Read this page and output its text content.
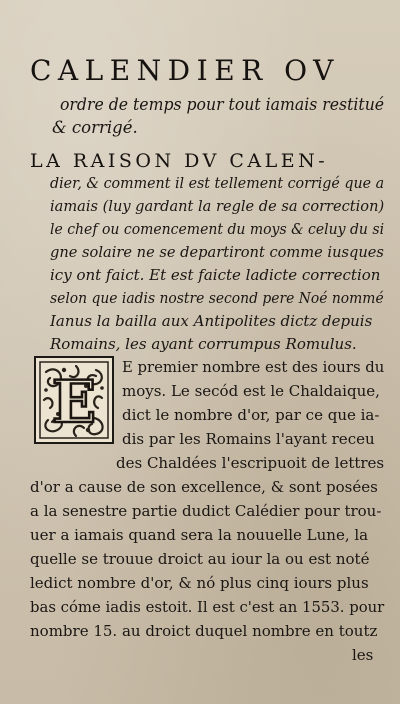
CALENDIER OV
ordre de temps pour tout iamais restitué
& corrigé.
LA RAISON DV CALEN-
dier, & comment il est tellement corrigé que a
iamais (luy gardant la regle de sa correction)
le chef ou comencement du moys & celuy du si
gne solaire ne se departiront comme iusques
icy ont faict. Et est faicte ladicte correction
selon que iadis nostre second pere Noé nommé
Ianus la bailla aux Antipolites dictz depuis
Romains, les ayant corrumpus Romulus.
E
E premier nombre est des iours du
moys. Le secód est le Chaldaique,
dict le nombre d'or, par ce que ia-
dis par les Romains l'ayant receu
des Chaldées l'escripuoit de lettres
d'or a cause de son excellence, & sont posées
a la senestre partie dudict Calédier pour trou-
uer a iamais quand sera la nouuelle Lune, la
quelle se trouue droict au iour la ou est noté
ledict nombre d'or, & nó plus cinq iours plus
bas cóme iadis estoit. Il est c'est an 1553. pour
nombre 15. au droict duquel nombre en toutz
les
